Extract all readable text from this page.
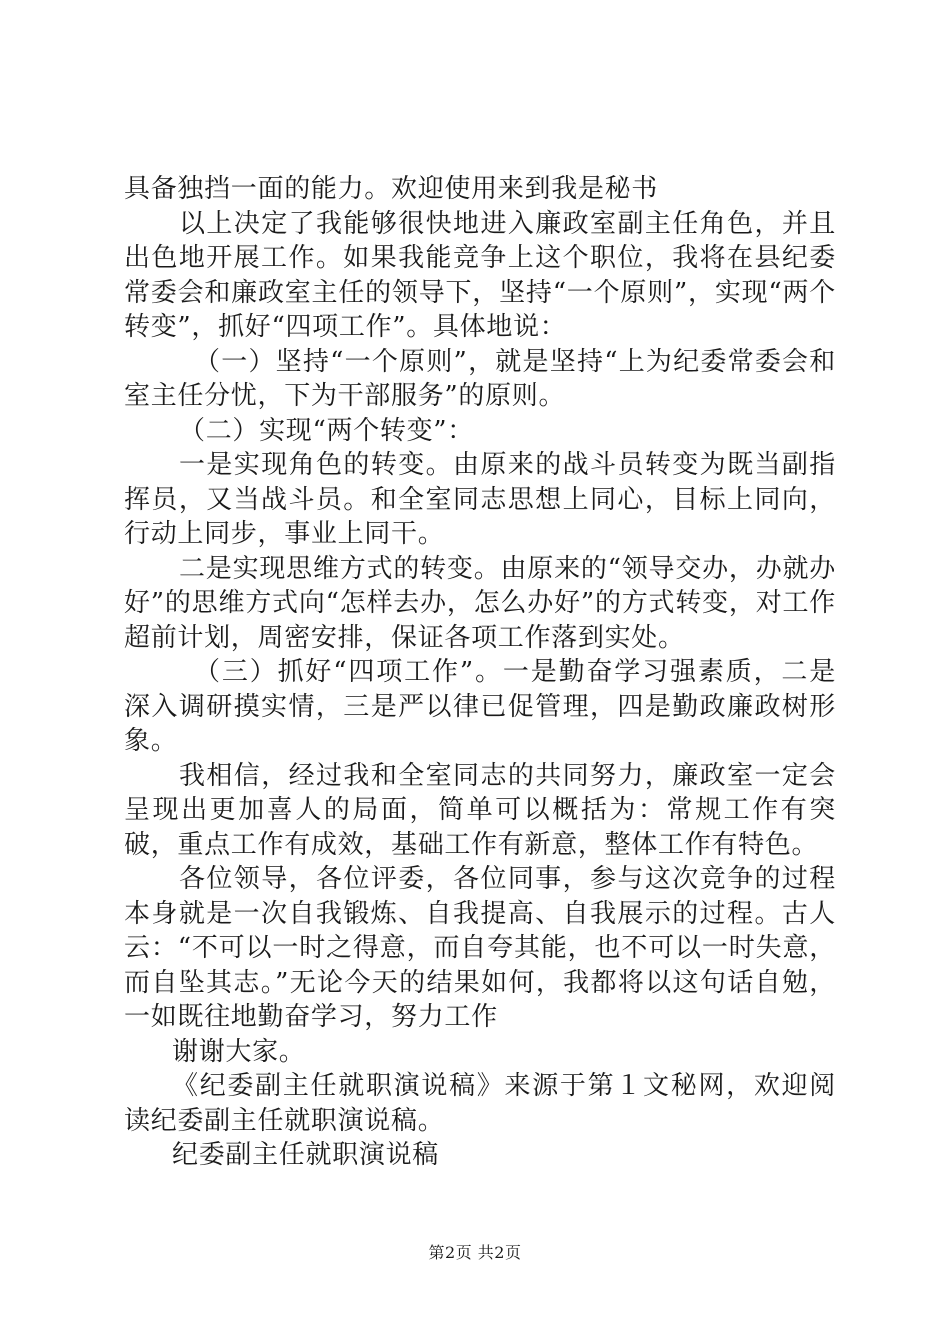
具备独挡一面的能力。欢迎使用来到我是秘书

以上决定了我能够很快地进入廉政室副主任角色，并且出色地开展工作。如果我能竞争上这个职位，我将在县纪委常委会和廉政室主任的领导下，坚持“一个原则”，实现“两个转变”，抓好“四项工作”。具体地说：

（一）坚持“一个原则”，就是坚持“上为纪委常委会和室主任分忧，下为干部服务”的原则。

（二）实现“两个转变”：

一是实现角色的转变。由原来的战斗员转变为既当副指挥员，又当战斗员。和全室同志思想上同心，目标上同向，行动上同步，事业上同干。

二是实现思维方式的转变。由原来的“领导交办，办就办好”的思维方式向“怎样去办，怎么办好”的方式转变，对工作超前计划，周密安排，保证各项工作落到实处。

（三）抓好“四项工作”。一是勤奋学习强素质，二是深入调研摸实情，三是严以律已促管理，四是勤政廉政树形象。

我相信，经过我和全室同志的共同努力，廉政室一定会呈现出更加喜人的局面，简单可以概括为：常规工作有突破，重点工作有成效，基础工作有新意，整体工作有特色。

各位领导，各位评委，各位同事，参与这次竞争的过程本身就是一次自我锻炼、自我提高、自我展示的过程。古人云：“不可以一时之得意，而自夸其能，也不可以一时失意，而自坠其志。”无论今天的结果如何，我都将以这句话自勉，一如既往地勤奋学习，努力工作

谢谢大家。

《纪委副主任就职演说稿》来源于第１文秘网，欢迎阅读纪委副主任就职演说稿。

纪委副主任就职演说稿

第2页 共2页
